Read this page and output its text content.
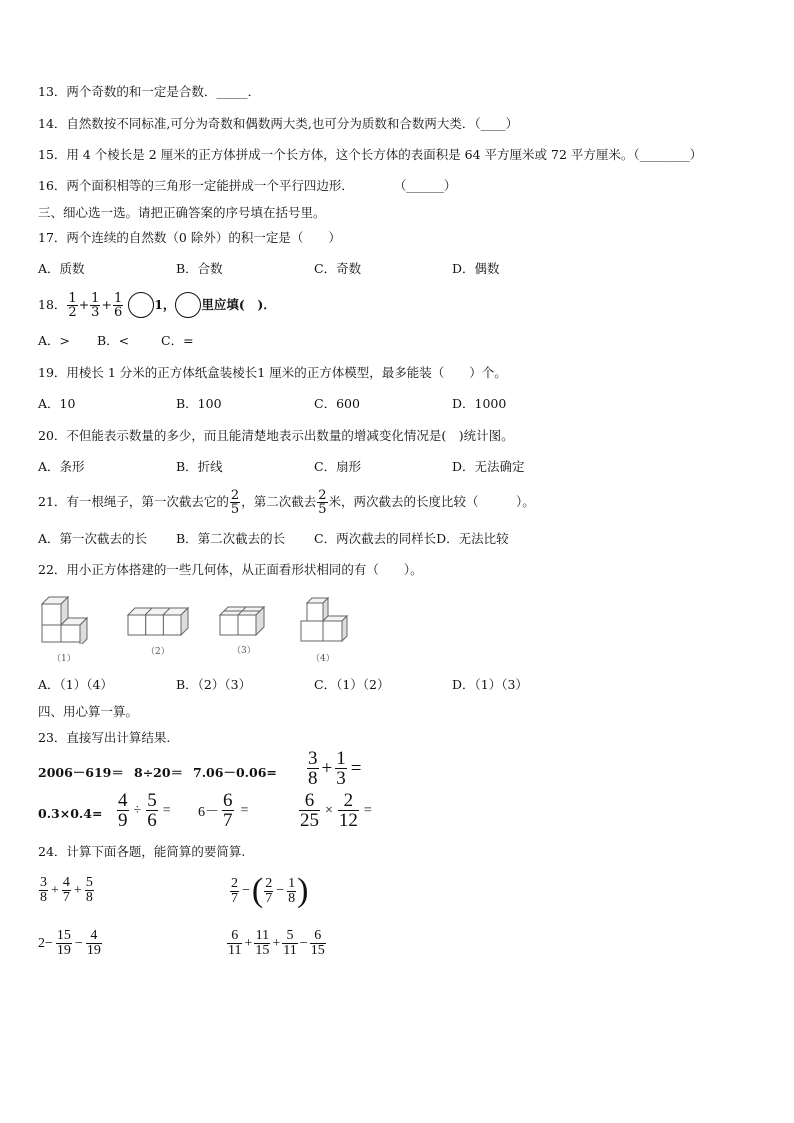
13．两个奇数的和一定是合数．_____．
14．自然数按不同标准,可分为奇数和偶数两大类,也可分为质数和合数两大类．（____）
15．用 4 个棱长是 2 厘米的正方体拼成一个长方体，这个长方体的表面积是 64 平方厘米或 72 平方厘米。（________）
16．两个面积相等的三角形一定能拼成一个平行四边形．	（______）
三、细心选一选。请把正确答案的序号填在括号里。
17．两个连续的自然数（0 除外）的积一定是（　　）
A．质数	B．合数	C．奇数	D．偶数
18． $\frac{1}{2} + \frac{1}{3} + \frac{1}{6} 1$， 里应填(　)．
A．> B．<	C．=
19．用棱长 1 分米的正方体纸盒装棱长1 厘米的正方体模型，最多能装（　　）个。
A．10	B．100	C．600	D．1000
20．不但能表示数量的多少，而且能清楚地表示出数量的增减变化情况是(　)统计图。
A．条形	B．折线	C．扇形	D．无法确定
21． 有一根绳子，第一次截去它的 $\frac{2}{5}$ ，第二次截去 $\frac{2}{5}$ 米，两次截去的长度比较（　　　）。
A．第一次截去的长 B．第二次截去的长 C．两次截去的同样长D．无法比较
22．用小正方体搭建的一些几何体，从正面看形状相同的有（　　）。
（1）
（2）	（3）
（4）
A．（1）（4）	B．（2）（3）	C．（1）（2）	D．（1）（3）
四、用心算一算。
23．直接写出计算结果.
$2006-619= 8\div 20= 7.06-0.06= \frac{3}{8} + \frac{1}{3}$ =
$0.3\times 0.4= \frac{4}{9} \div \frac{5}{6} = 6- \frac{6}{7}$ =	$\frac{6}{25} \times \frac{2}{12}$ =
24．计算下面各题，能简算的要简算.
$\frac{3}{8} + \frac{4}{7} + \frac{5}{8}$	$\frac{2}{7}$ − ( $\frac{2}{7} - \frac{1}{8}$ )
$2- \frac{15}{19} - \frac{4}{19}$	$\frac{6}{11} + \frac{11}{15} + \frac{5}{11} - \frac{6}{15}$
